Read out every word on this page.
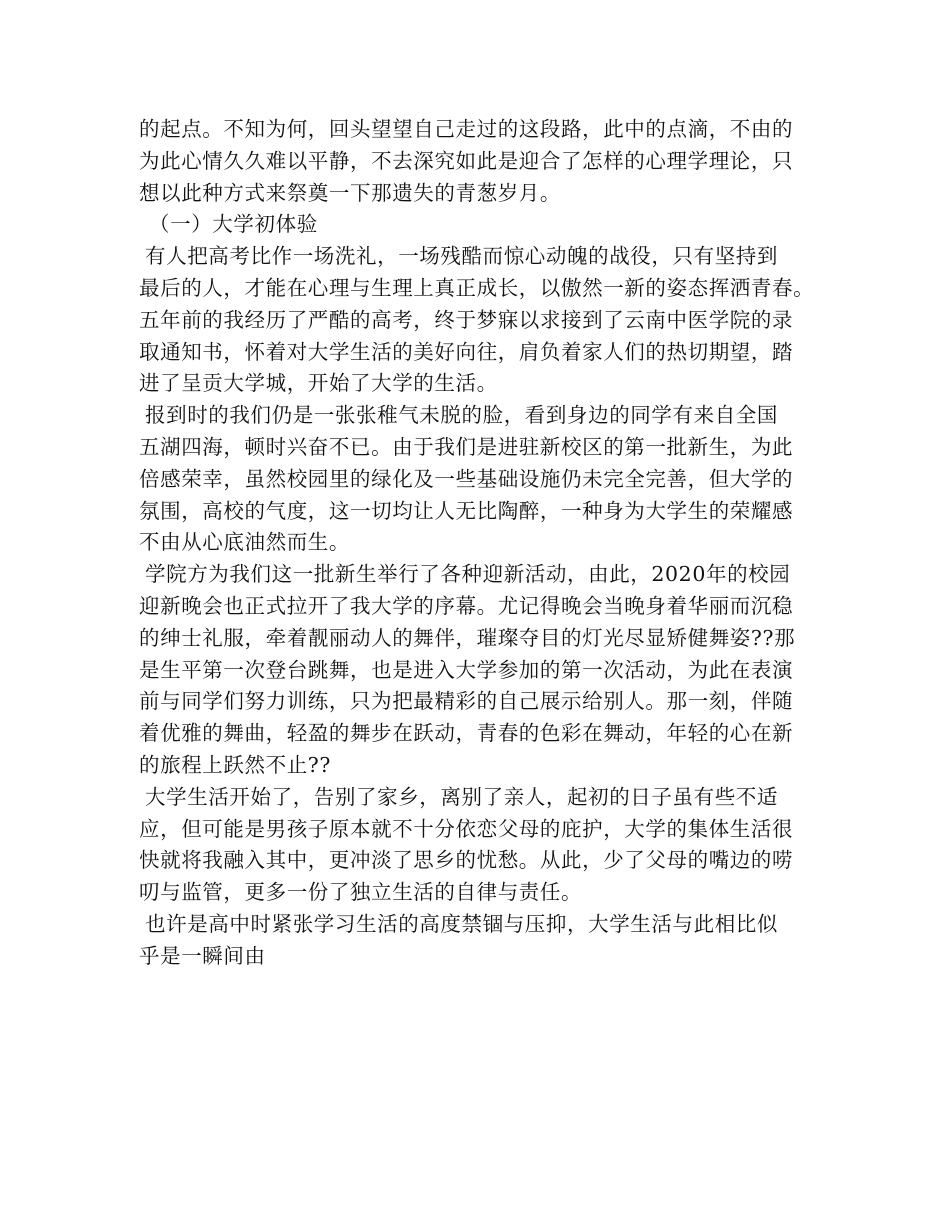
的起点。不知为何，回头望望自己走过的这段路，此中的点滴，不由的
为此心情久久难以平静，不去深究如此是迎合了怎样的心理学理论，只
想以此种方式来祭奠一下那遗失的青葱岁月。
（一）大学初体验
有人把高考比作一场洗礼，一场残酷而惊心动魄的战役，只有坚持到
最后的人，才能在心理与生理上真正成长，以傲然一新的姿态挥洒青春。
五年前的我经历了严酷的高考，终于梦寐以求接到了云南中医学院的录
取通知书，怀着对大学生活的美好向往，肩负着家人们的热切期望，踏
进了呈贡大学城，开始了大学的生活。
报到时的我们仍是一张张稚气未脱的脸，看到身边的同学有来自全国
五湖四海，顿时兴奋不已。由于我们是进驻新校区的第一批新生，为此
倍感荣幸，虽然校园里的绿化及一些基础设施仍未完全完善，但大学的
氛围，高校的气度，这一切均让人无比陶醉，一种身为大学生的荣耀感
不由从心底油然而生。
学院方为我们这一批新生举行了各种迎新活动，由此，2020年的校园
迎新晚会也正式拉开了我大学的序幕。尤记得晚会当晚身着华丽而沉稳
的绅士礼服，牵着靓丽动人的舞伴，璀璨夺目的灯光尽显矫健舞姿??那
是生平第一次登台跳舞，也是进入大学参加的第一次活动，为此在表演
前与同学们努力训练，只为把最精彩的自己展示给别人。那一刻，伴随
着优雅的舞曲，轻盈的舞步在跃动，青春的色彩在舞动，年轻的心在新
的旅程上跃然不止??
大学生活开始了，告别了家乡，离别了亲人，起初的日子虽有些不适
应，但可能是男孩子原本就不十分依恋父母的庇护，大学的集体生活很
快就将我融入其中，更冲淡了思乡的忧愁。从此，少了父母的嘴边的唠
叨与监管，更多一份了独立生活的自律与责任。
也许是高中时紧张学习生活的高度禁锢与压抑，大学生活与此相比似
乎是一瞬间由
